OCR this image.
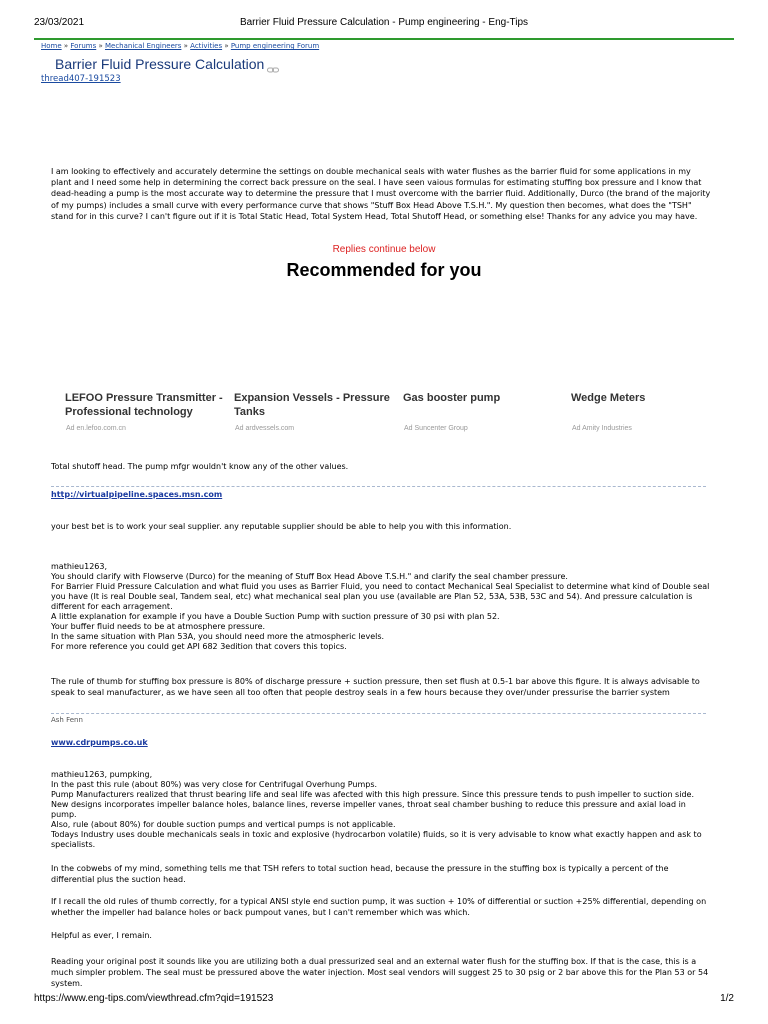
23/03/2021	Barrier Fluid Pressure Calculation - Pump engineering - Eng-Tips
Home » Forums » Mechanical Engineers » Activities » Pump engineering Forum
Barrier Fluid Pressure Calculation
thread407-191523
I am looking to effectively and accurately determine the settings on double mechanical seals with water flushes as the barrier fluid for some applications in my plant and I need some help in determining the correct back pressure on the seal. I have seen vaious formulas for estimating stuffing box pressure and I know that dead-heading a pump is the most accurate way to determine the pressure that I must overcome with the barrier fluid. Additionally, Durco (the brand of the majority of my pumps) includes a small curve with every performance curve that shows "Stuff Box Head Above T.S.H.". My question then becomes, what does the "TSH" stand for in this curve? I can't figure out if it is Total Static Head, Total System Head, Total Shutoff Head, or something else! Thanks for any advice you may have.
Replies continue below
Recommended for you
LEFOO Pressure Transmitter - Professional technology
Ad en.lefoo.com.cn
Expansion Vessels - Pressure Tanks
Ad ardvessels.com
Gas booster pump
Ad Suncenter Group
Wedge Meters
Ad Amity Industries
Total shutoff head. The pump mfgr wouldn't know any of the other values.
http://virtualpipeline.spaces.msn.com
your best bet is to work your seal supplier. any reputable supplier should be able to help you with this information.
mathieu1263,
You should clarify with Flowserve (Durco) for the meaning of Stuff Box Head Above T.S.H." and clarify the seal chamber pressure.
For Barrier Fluid Pressure Calculation and what fluid you uses as Barrier Fluid, you need to contact Mechanical Seal Specialist to determine what kind of Double seal you have (It is real Double seal, Tandem seal, etc) what mechanical seal plan you use (available are Plan 52, 53A, 53B, 53C and 54). And pressure calculation is different for each arragement.
A little explanation for example if you have a Double Suction Pump with suction pressure of 30 psi with plan 52.
Your buffer fluid needs to be at atmosphere pressure.
In the same situation with Plan 53A, you should need more the atmospheric levels.
For more reference you could get API 682 3edition that covers this topics.
The rule of thumb for stuffing box pressure is 80% of discharge pressure + suction pressure, then set flush at 0.5-1 bar above this figure. It is always advisable to speak to seal manufacturer, as we have seen all too often that people destroy seals in a few hours because they over/under pressurise the barrier system
Ash Fenn
www.cdrpumps.co.uk
mathieu1263, pumpking,
In the past this rule (about 80%) was very close for Centrifugal Overhung Pumps.
Pump Manufacturers realized that thrust bearing life and seal life was afected with this high pressure. Since this pressure tends to push impeller to suction side.
New designs incorporates impeller balance holes, balance lines, reverse impeller vanes, throat seal chamber bushing to reduce this pressure and axial load in pump.
Also, rule (about 80%) for double suction pumps and vertical pumps is not applicable.
Todays Industry uses double mechanicals seals in toxic and explosive (hydrocarbon volatile) fluids, so it is very advisable to know what exactly happen and ask to specialists.
In the cobwebs of my mind, something tells me that TSH refers to total suction head, because the pressure in the stuffing box is typically a percent of the differential plus the suction head.
If I recall the old rules of thumb correctly, for a typical ANSI style end suction pump, it was suction + 10% of differential or suction +25% differential, depending on whether the impeller had balance holes or back pumpout vanes, but I can't remember which was which.
Helpful as ever, I remain.
Reading your original post it sounds like you are utilizing both a dual pressurized seal and an external water flush for the stuffing box. If that is the case, this is a much simpler problem. The seal must be pressured above the water injection. Most seal vendors will suggest 25 to 30 psig or 2 bar above this for the Plan 53 or 54 system.
https://www.eng-tips.com/viewthread.cfm?qid=191523	1/2
